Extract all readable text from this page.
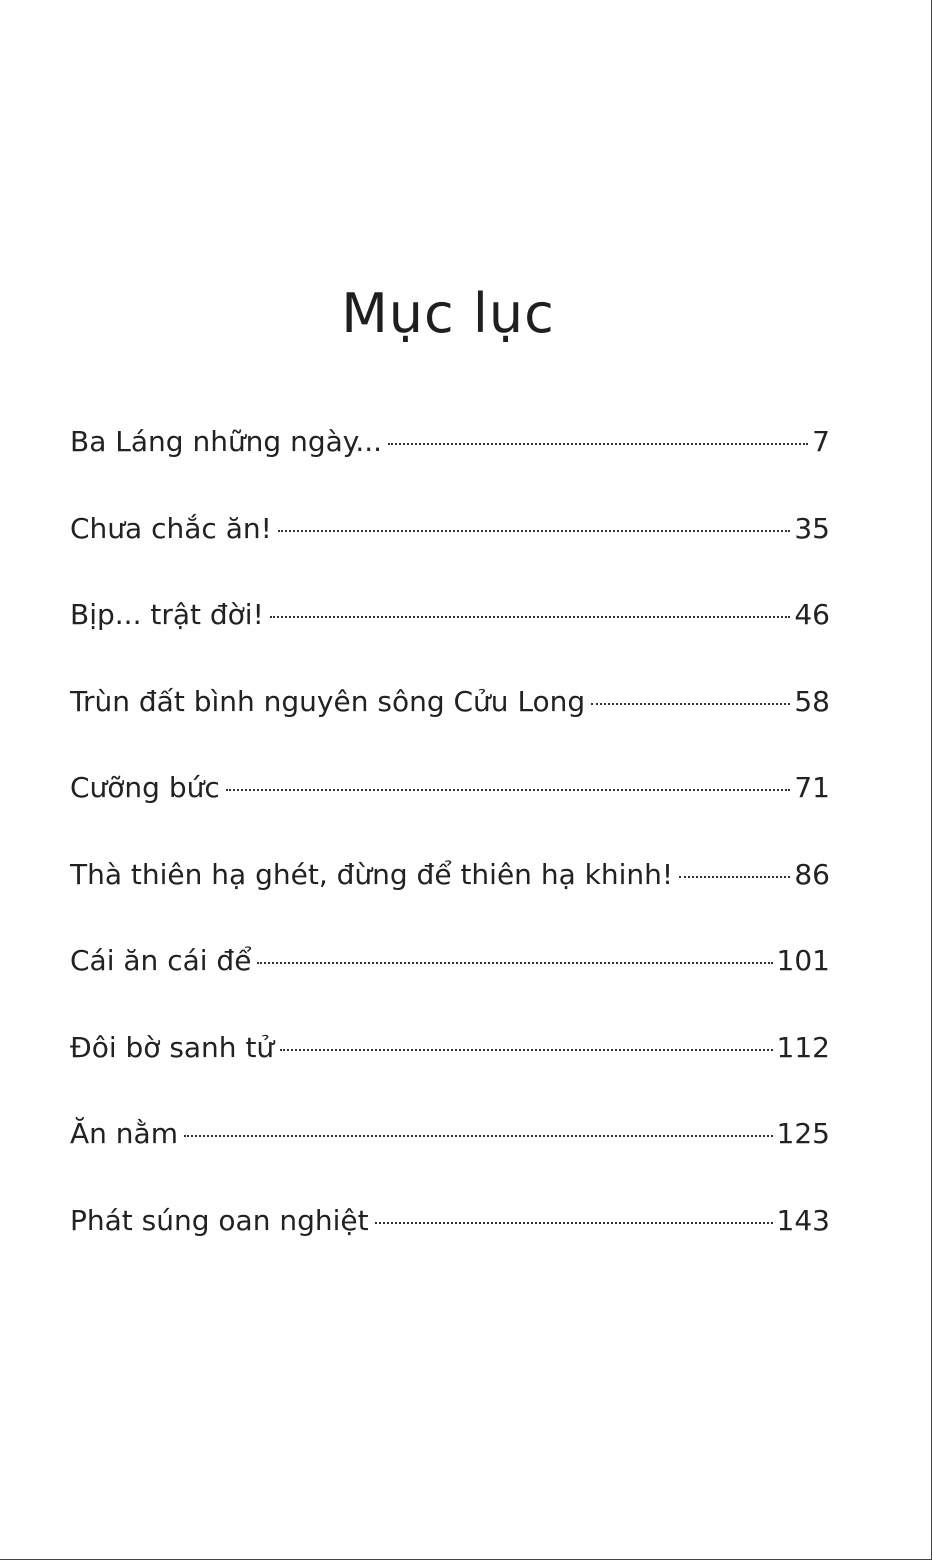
Mục lục
Ba Láng những ngày...	7
Chưa chắc ăn!	35
Bịp... trật đời!	46
Trùn đất bình nguyên sông Cửu Long	58
Cưỡng bức	71
Thà thiên hạ ghét, đừng để thiên hạ khinh!	86
Cái ăn cái để	101
Đôi bờ sanh tử	112
Ăn nằm	125
Phát súng oan nghiệt	143
